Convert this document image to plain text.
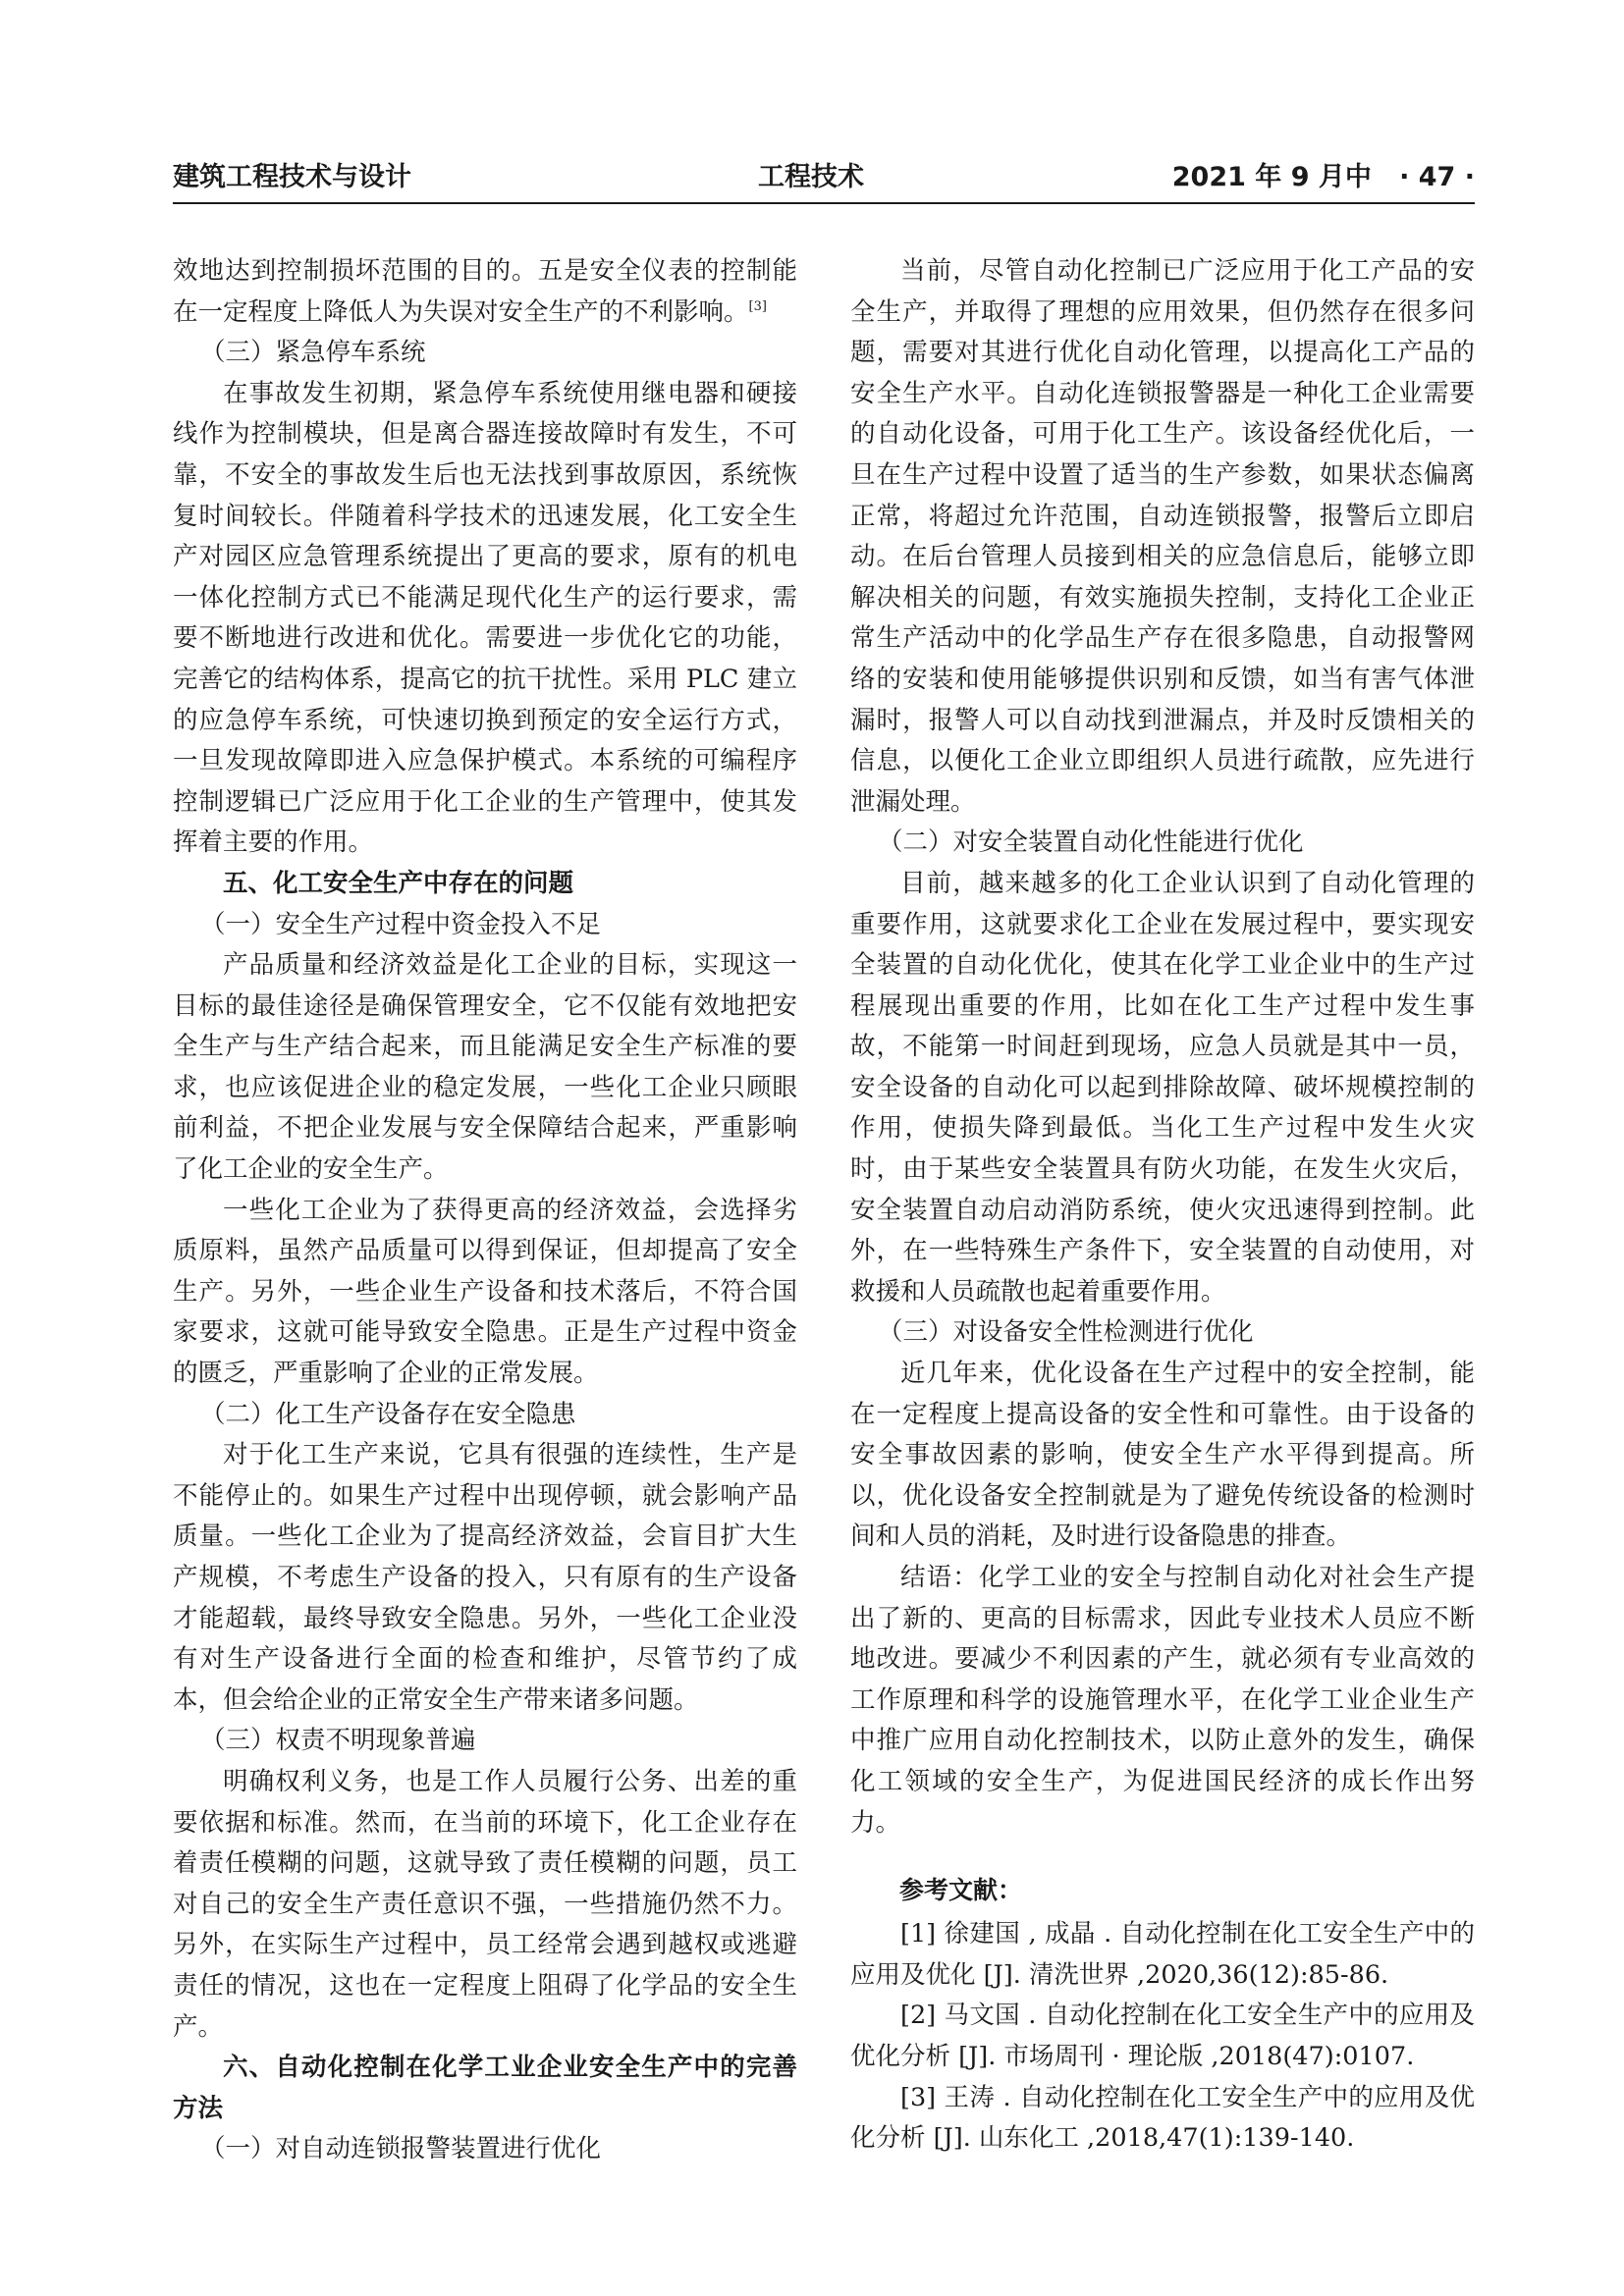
建筑工程技术与设计	工程技术	2021 年 9 月中 · 47 ·

效地达到控制损坏范围的目的。五是安全仪表的控制能在一定程度上降低人为失误对安全生产的不利影响。[3]

（三）紧急停车系统

在事故发生初期，紧急停车系统使用继电器和硬接线作为控制模块，但是离合器连接故障时有发生，不可靠，不安全的事故发生后也无法找到事故原因，系统恢复时间较长。伴随着科学技术的迅速发展，化工安全生产对园区应急管理系统提出了更高的要求，原有的机电一体化控制方式已不能满足现代化生产的运行要求，需要不断地进行改进和优化。需要进一步优化它的功能，完善它的结构体系，提高它的抗干扰性。采用 PLC 建立的应急停车系统，可快速切换到预定的安全运行方式，一旦发现故障即进入应急保护模式。本系统的可编程序控制逻辑已广泛应用于化工企业的生产管理中，使其发挥着主要的作用。

五、化工安全生产中存在的问题
（一）安全生产过程中资金投入不足

产品质量和经济效益是化工企业的目标，实现这一目标的最佳途径是确保管理安全，它不仅能有效地把安全生产与生产结合起来，而且能满足安全生产标准的要求，也应该促进企业的稳定发展，一些化工企业只顾眼前利益，不把企业发展与安全保障结合起来，严重影响了化工企业的安全生产。

一些化工企业为了获得更高的经济效益，会选择劣质原料，虽然产品质量可以得到保证，但却提高了安全生产。另外，一些企业生产设备和技术落后，不符合国家要求，这就可能导致安全隐患。正是生产过程中资金的匮乏，严重影响了企业的正常发展。

（二）化工生产设备存在安全隐患

对于化工生产来说，它具有很强的连续性，生产是不能停止的。如果生产过程中出现停顿，就会影响产品质量。一些化工企业为了提高经济效益，会盲目扩大生产规模，不考虑生产设备的投入，只有原有的生产设备才能超载，最终导致安全隐患。另外，一些化工企业没有对生产设备进行全面的检查和维护，尽管节约了成本，但会给企业的正常安全生产带来诸多问题。

（三）权责不明现象普遍

明确权利义务，也是工作人员履行公务、出差的重要依据和标准。然而，在当前的环境下，化工企业存在着责任模糊的问题，这就导致了责任模糊的问题，员工对自己的安全生产责任意识不强，一些措施仍然不力。另外，在实际生产过程中，员工经常会遇到越权或逃避责任的情况，这也在一定程度上阻碍了化学品的安全生产。

六、自动化控制在化学工业企业安全生产中的完善方法
（一）对自动连锁报警装置进行优化

当前，尽管自动化控制已广泛应用于化工产品的安全生产，并取得了理想的应用效果，但仍然存在很多问题，需要对其进行优化自动化管理，以提高化工产品的安全生产水平。自动化连锁报警器是一种化工企业需要的自动化设备，可用于化工生产。该设备经优化后，一旦在生产过程中设置了适当的生产参数，如果状态偏离正常，将超过允许范围，自动连锁报警，报警后立即启动。在后台管理人员接到相关的应急信息后，能够立即解决相关的问题，有效实施损失控制，支持化工企业正常生产活动中的化学品生产存在很多隐患，自动报警网络的安装和使用能够提供识别和反馈，如当有害气体泄漏时，报警人可以自动找到泄漏点，并及时反馈相关的信息，以便化工企业立即组织人员进行疏散，应先进行泄漏处理。

（二）对安全装置自动化性能进行优化

目前，越来越多的化工企业认识到了自动化管理的重要作用，这就要求化工企业在发展过程中，要实现安全装置的自动化优化，使其在化学工业企业中的生产过程展现出重要的作用，比如在化工生产过程中发生事故，不能第一时间赶到现场，应急人员就是其中一员，安全设备的自动化可以起到排除故障、破坏规模控制的作用，使损失降到最低。当化工生产过程中发生火灾时，由于某些安全装置具有防火功能，在发生火灾后，安全装置自动启动消防系统，使火灾迅速得到控制。此外，在一些特殊生产条件下，安全装置的自动使用，对救援和人员疏散也起着重要作用。

（三）对设备安全性检测进行优化

近几年来，优化设备在生产过程中的安全控制，能在一定程度上提高设备的安全性和可靠性。由于设备的安全事故因素的影响，使安全生产水平得到提高。所以，优化设备安全控制就是为了避免传统设备的检测时间和人员的消耗，及时进行设备隐患的排查。

结语：化学工业的安全与控制自动化对社会生产提出了新的、更高的目标需求，因此专业技术人员应不断地改进。要减少不利因素的产生，就必须有专业高效的工作原理和科学的设施管理水平，在化学工业企业生产中推广应用自动化控制技术，以防止意外的发生，确保化工领域的安全生产，为促进国民经济的成长作出努力。

参考文献：

[1] 徐建国 , 成晶 . 自动化控制在化工安全生产中的应用及优化 [J]. 清洗世界 ,2020,36(12):85-86.

[2] 马文国 . 自动化控制在化工安全生产中的应用及优化分析 [J]. 市场周刊 · 理论版 ,2018(47):0107.

[3] 王涛 . 自动化控制在化工安全生产中的应用及优化分析 [J]. 山东化工 ,2018,47(1):139-140.
